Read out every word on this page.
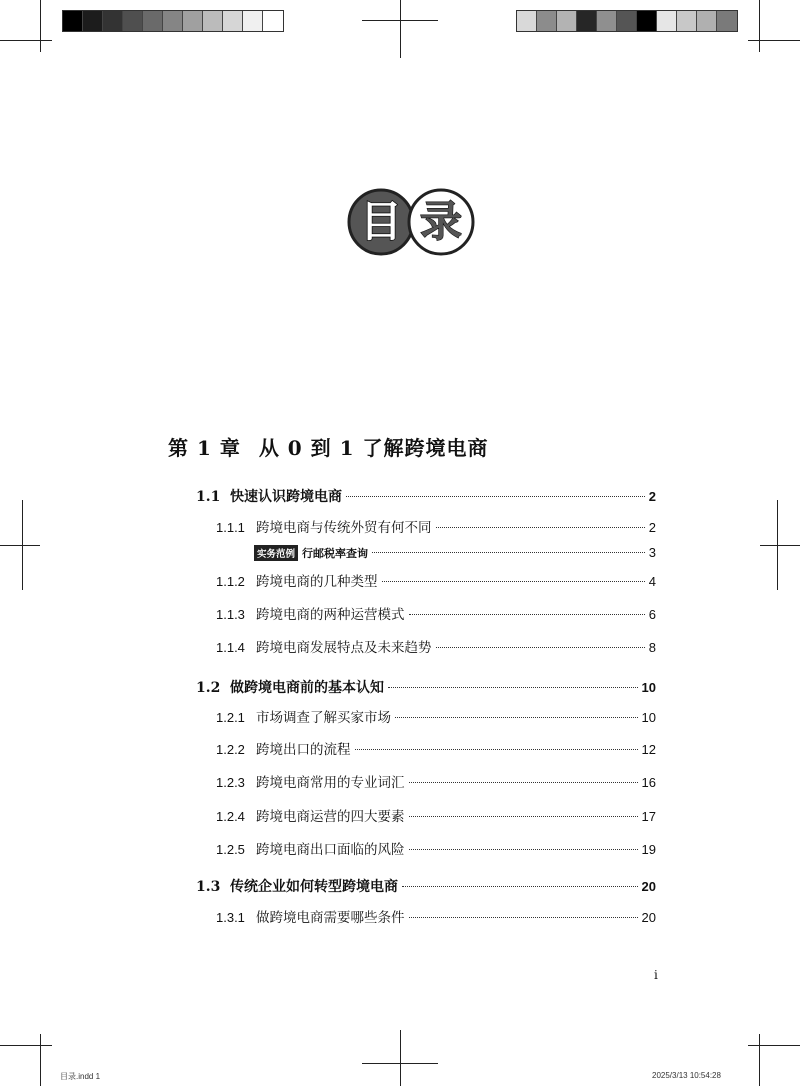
目 录
第 1 章 从 0 到 1 了解跨境电商
1.1 快速认识跨境电商	2
1.1.1 跨境电商与传统外贸有何不同	2
实务范例 行邮税率查询	3
1.1.2 跨境电商的几种类型	4
1.1.3 跨境电商的两种运营模式	6
1.1.4 跨境电商发展特点及未来趋势	8
1.2 做跨境电商前的基本认知	10
1.2.1 市场调查了解买家市场	10
1.2.2 跨境出口的流程	12
1.2.3 跨境电商常用的专业词汇	16
1.2.4 跨境电商运营的四大要素	17
1.2.5 跨境电商出口面临的风险	19
1.3 传统企业如何转型跨境电商	20
1.3.1 做跨境电商需要哪些条件	20
i
目录.indd 1	2025/3/13 10:54:28
